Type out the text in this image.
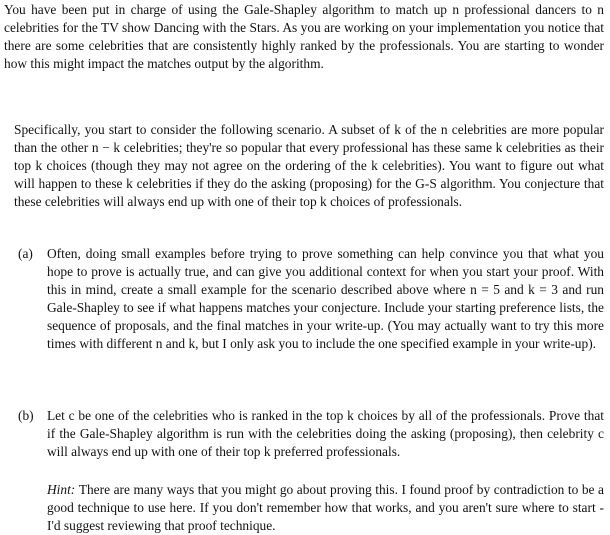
You have been put in charge of using the Gale-Shapley algorithm to match up n professional dancers to n celebrities for the TV show Dancing with the Stars. As you are working on your implementation you notice that there are some celebrities that are consistently highly ranked by the professionals. You are starting to wonder how this might impact the matches output by the algorithm.

Specifically, you start to consider the following scenario. A subset of k of the n celebrities are more popular than the other n − k celebrities; they're so popular that every professional has these same k celebrities as their top k choices (though they may not agree on the ordering of the k celebrities). You want to figure out what will happen to these k celebrities if they do the asking (proposing) for the G-S algorithm. You conjecture that these celebrities will always end up with one of their top k choices of professionals.

(a) Often, doing small examples before trying to prove something can help convince you that what you hope to prove is actually true, and can give you additional context for when you start your proof. With this in mind, create a small example for the scenario described above where n = 5 and k = 3 and run Gale-Shapley to see if what happens matches your conjecture. Include your starting preference lists, the sequence of proposals, and the final matches in your write-up. (You may actually want to try this more times with different n and k, but I only ask you to include the one specified example in your write-up).
(b) Let c be one of the celebrities who is ranked in the top k choices by all of the professionals. Prove that if the Gale-Shapley algorithm is run with the celebrities doing the asking (proposing), then celebrity c will always end up with one of their top k preferred professionals.
Hint: There are many ways that you might go about proving this. I found proof by contradiction to be a good technique to use here. If you don't remember how that works, and you aren't sure where to start - I'd suggest reviewing that proof technique.
